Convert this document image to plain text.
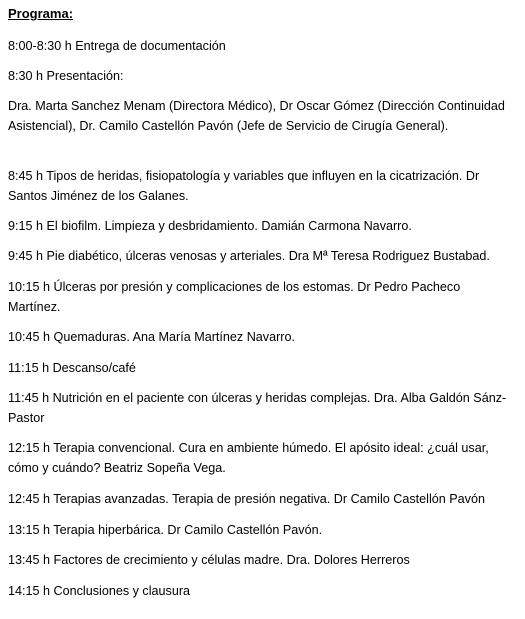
Programa:
8:00-8:30 h Entrega de documentación
8:30 h Presentación:
Dra. Marta Sanchez Menam (Directora Médico), Dr Oscar Gómez (Dirección Continuidad Asistencial), Dr. Camilo Castellón Pavón (Jefe de Servicio de Cirugía General).
8:45 h Tipos de heridas, fisiopatología y variables que influyen en la cicatrización. Dr Santos Jiménez de los Galanes.
9:15 h El biofilm. Limpieza y desbridamiento. Damián Carmona Navarro.
9:45 h Pie diabético, úlceras venosas y arteriales. Dra Mª Teresa Rodriguez Bustabad.
10:15 h Úlceras por presión y complicaciones de los estomas. Dr Pedro Pacheco Martínez.
10:45 h Quemaduras. Ana María Martínez Navarro.
11:15 h Descanso/café
11:45 h Nutrición en el paciente con úlceras y heridas complejas. Dra. Alba Galdón Sánz-Pastor
12:15 h Terapia convencional. Cura en ambiente húmedo. El apósito ideal: ¿cuál usar, cómo y cuándo? Beatriz Sopeña Vega.
12:45 h Terapias avanzadas. Terapia de presión negativa. Dr Camilo Castellón Pavón
13:15 h Terapia hiperbárica. Dr Camilo Castellón Pavón.
13:45 h Factores de crecimiento y células madre. Dra. Dolores Herreros
14:15 h Conclusiones y clausura
